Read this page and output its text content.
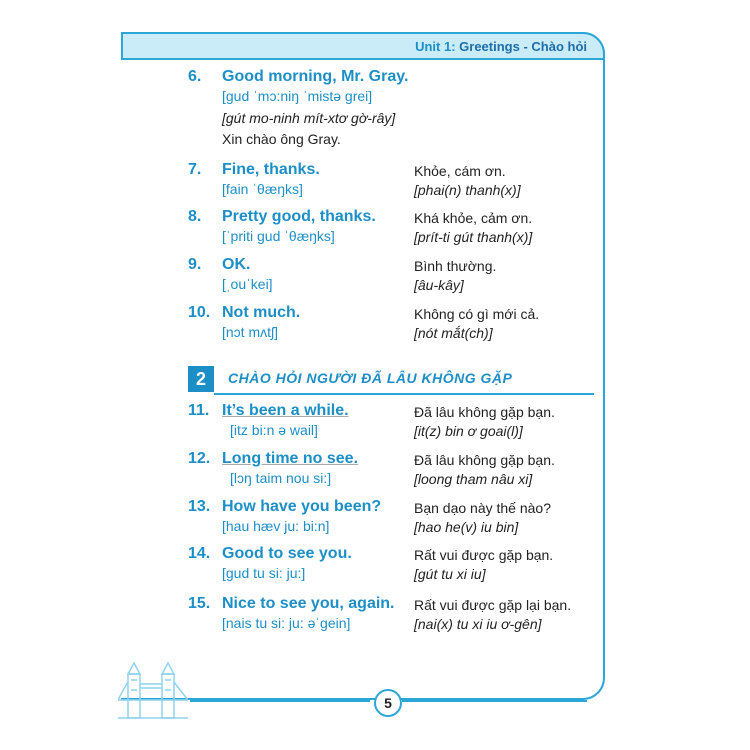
Unit 1: Greetings - Chào hỏi
6.	Good morning, Mr. Gray.
[gud ˈmɔ:niŋ ˈmistə grei]
[gút mo-ninh mít-xtơ gờ-rây]
Xin chào ông Gray.
7.	Fine, thanks.
[fain ˈθæŋks]
Khỏe, cám ơn.
[phai(n) thanh(x)]
8.	Pretty good, thanks.
[ˈpriti gud ˈθæŋks]
Khá khỏe, cảm ơn.
[prít-ti gút thanh(x)]
9.	OK.
[ˌouˈkei]
Bình thường.
[âu-kây]
10. Not much.
[nɔt mʌtʃ]
Không có gì mới cả.
[nót mắt(ch)]
2	CHÀO HỎI NGƯỜI ĐÃ LÂU KHÔNG GẶP
11. It’s been a while.
[itz bi:n ə wail]
Đã lâu không gặp bạn.
[it(z) bin ơ goai(l)]
12. Long time no see.
[lɔŋ taim nou si:]
Đã lâu không gặp bạn.
[loong tham nâu xi]
13. How have you been?
[hau hæv ju: bi:n]
Bạn dạo này thế nào?
[hao he(v) iu bin]
14. Good to see you.
[gud tu si: ju:]
Rất vui được gặp bạn.
[gút tu xi iu]
15. Nice to see you, again.
[nais tu si: ju: əˈgein]
Rất vui được gặp lại bạn.
[nai(x) tu xi iu ơ-gên]
5
